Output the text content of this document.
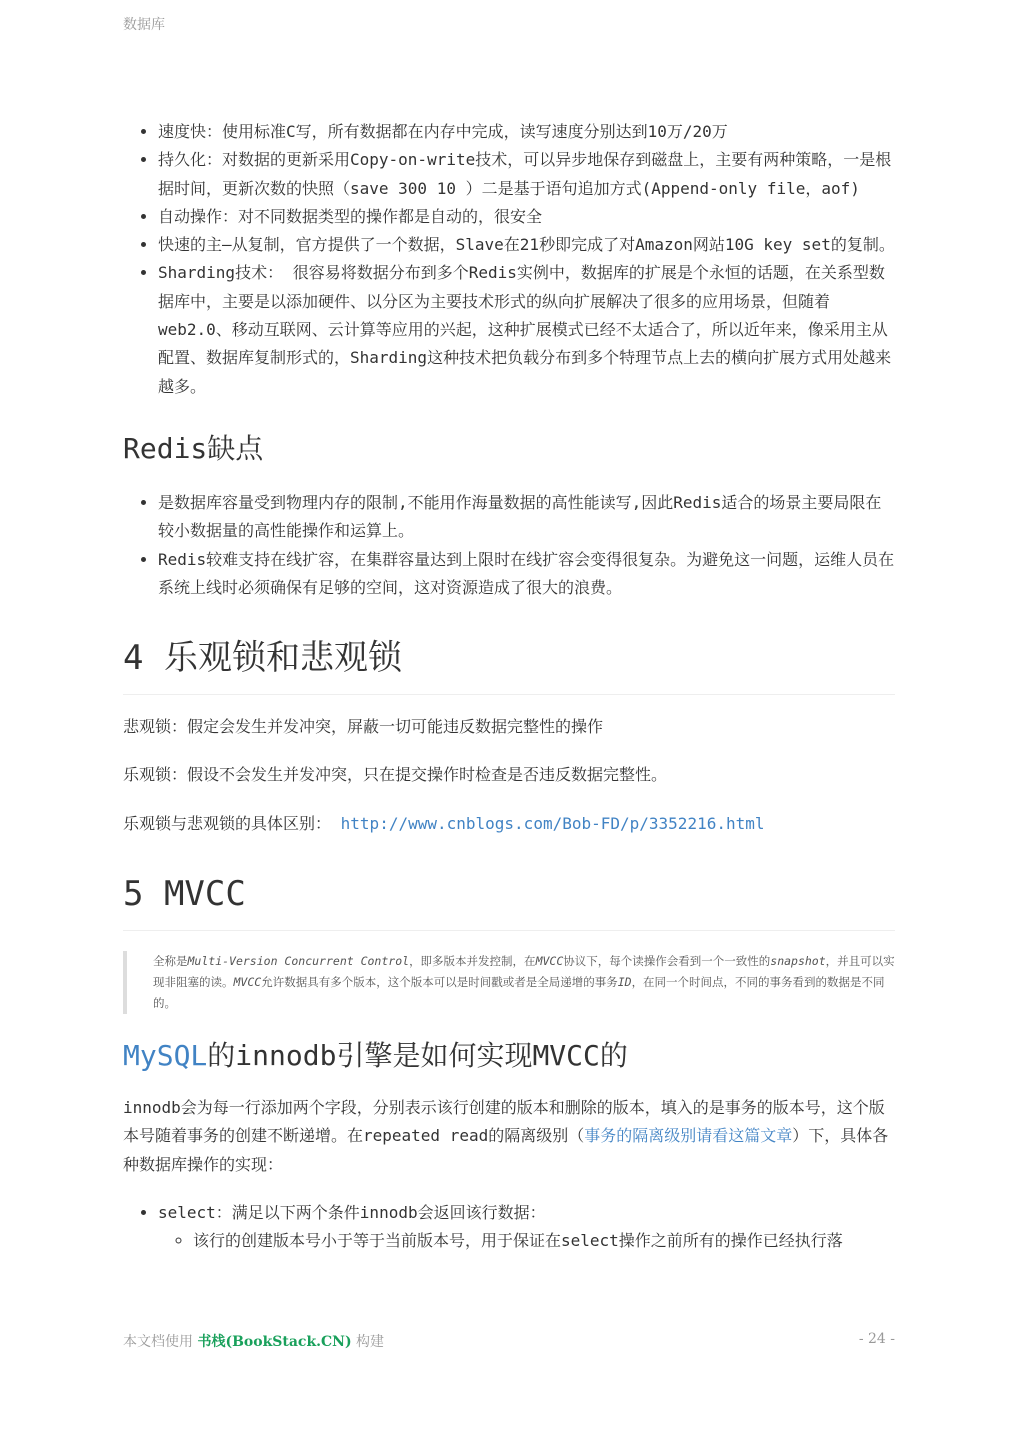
数据库
• 速度快：使用标准C写，所有数据都在内存中完成，读写速度分别达到10万/20万
• 持久化：对数据的更新采用Copy-on-write技术，可以异步地保存到磁盘上，主要有两种策略，一是根据时间，更新次数的快照（save 300 10 ）二是基于语句追加方式(Append-only file，aof)
• 自动操作：对不同数据类型的操作都是自动的，很安全
• 快速的主–从复制，官方提供了一个数据，Slave在21秒即完成了对Amazon网站10G key set的复制。
• Sharding技术： 很容易将数据分布到多个Redis实例中，数据库的扩展是个永恒的话题，在关系型数据库中，主要是以添加硬件、以分区为主要技术形式的纵向扩展解决了很多的应用场景，但随着web2.0、移动互联网、云计算等应用的兴起，这种扩展模式已经不太适合了，所以近年来，像采用主从配置、数据库复制形式的，Sharding这种技术把负载分布到多个特理节点上去的横向扩展方式用处越来越多。
Redis缺点
• 是数据库容量受到物理内存的限制,不能用作海量数据的高性能读写,因此Redis适合的场景主要局限在较小数据量的高性能操作和运算上。
• Redis较难支持在线扩容，在集群容量达到上限时在线扩容会变得很复杂。为避免这一问题，运维人员在系统上线时必须确保有足够的空间，这对资源造成了很大的浪费。
4 乐观锁和悲观锁

悲观锁：假定会发生并发冲突，屏蔽一切可能违反数据完整性的操作

乐观锁：假设不会发生并发冲突，只在提交操作时检查是否违反数据完整性。

乐观锁与悲观锁的具体区别： http://www.cnblogs.com/Bob-FD/p/3352216.html

5 MVCC
全称是Multi-Version Concurrent Control，即多版本并发控制，在MVCC协议下，每个读操作会看到一个一致性的snapshot，并且可以实现非阻塞的读。MVCC允许数据具有多个版本，这个版本可以是时间戳或者是全局递增的事务ID，在同一个时间点，不同的事务看到的数据是不同的。
MySQL的innodb引擎是如何实现MVCC的

innodb会为每一行添加两个字段，分别表示该行创建的版本和删除的版本，填入的是事务的版本号，这个版本号随着事务的创建不断递增。在repeated read的隔离级别（事务的隔离级别请看这篇文章）下，具体各种数据库操作的实现：

• select：满足以下两个条件innodb会返回该行数据：
◦ 该行的创建版本号小于等于当前版本号，用于保证在select操作之前所有的操作已经执行落
本文档使用 书栈(BookStack.CN) 构建	- 24 -
